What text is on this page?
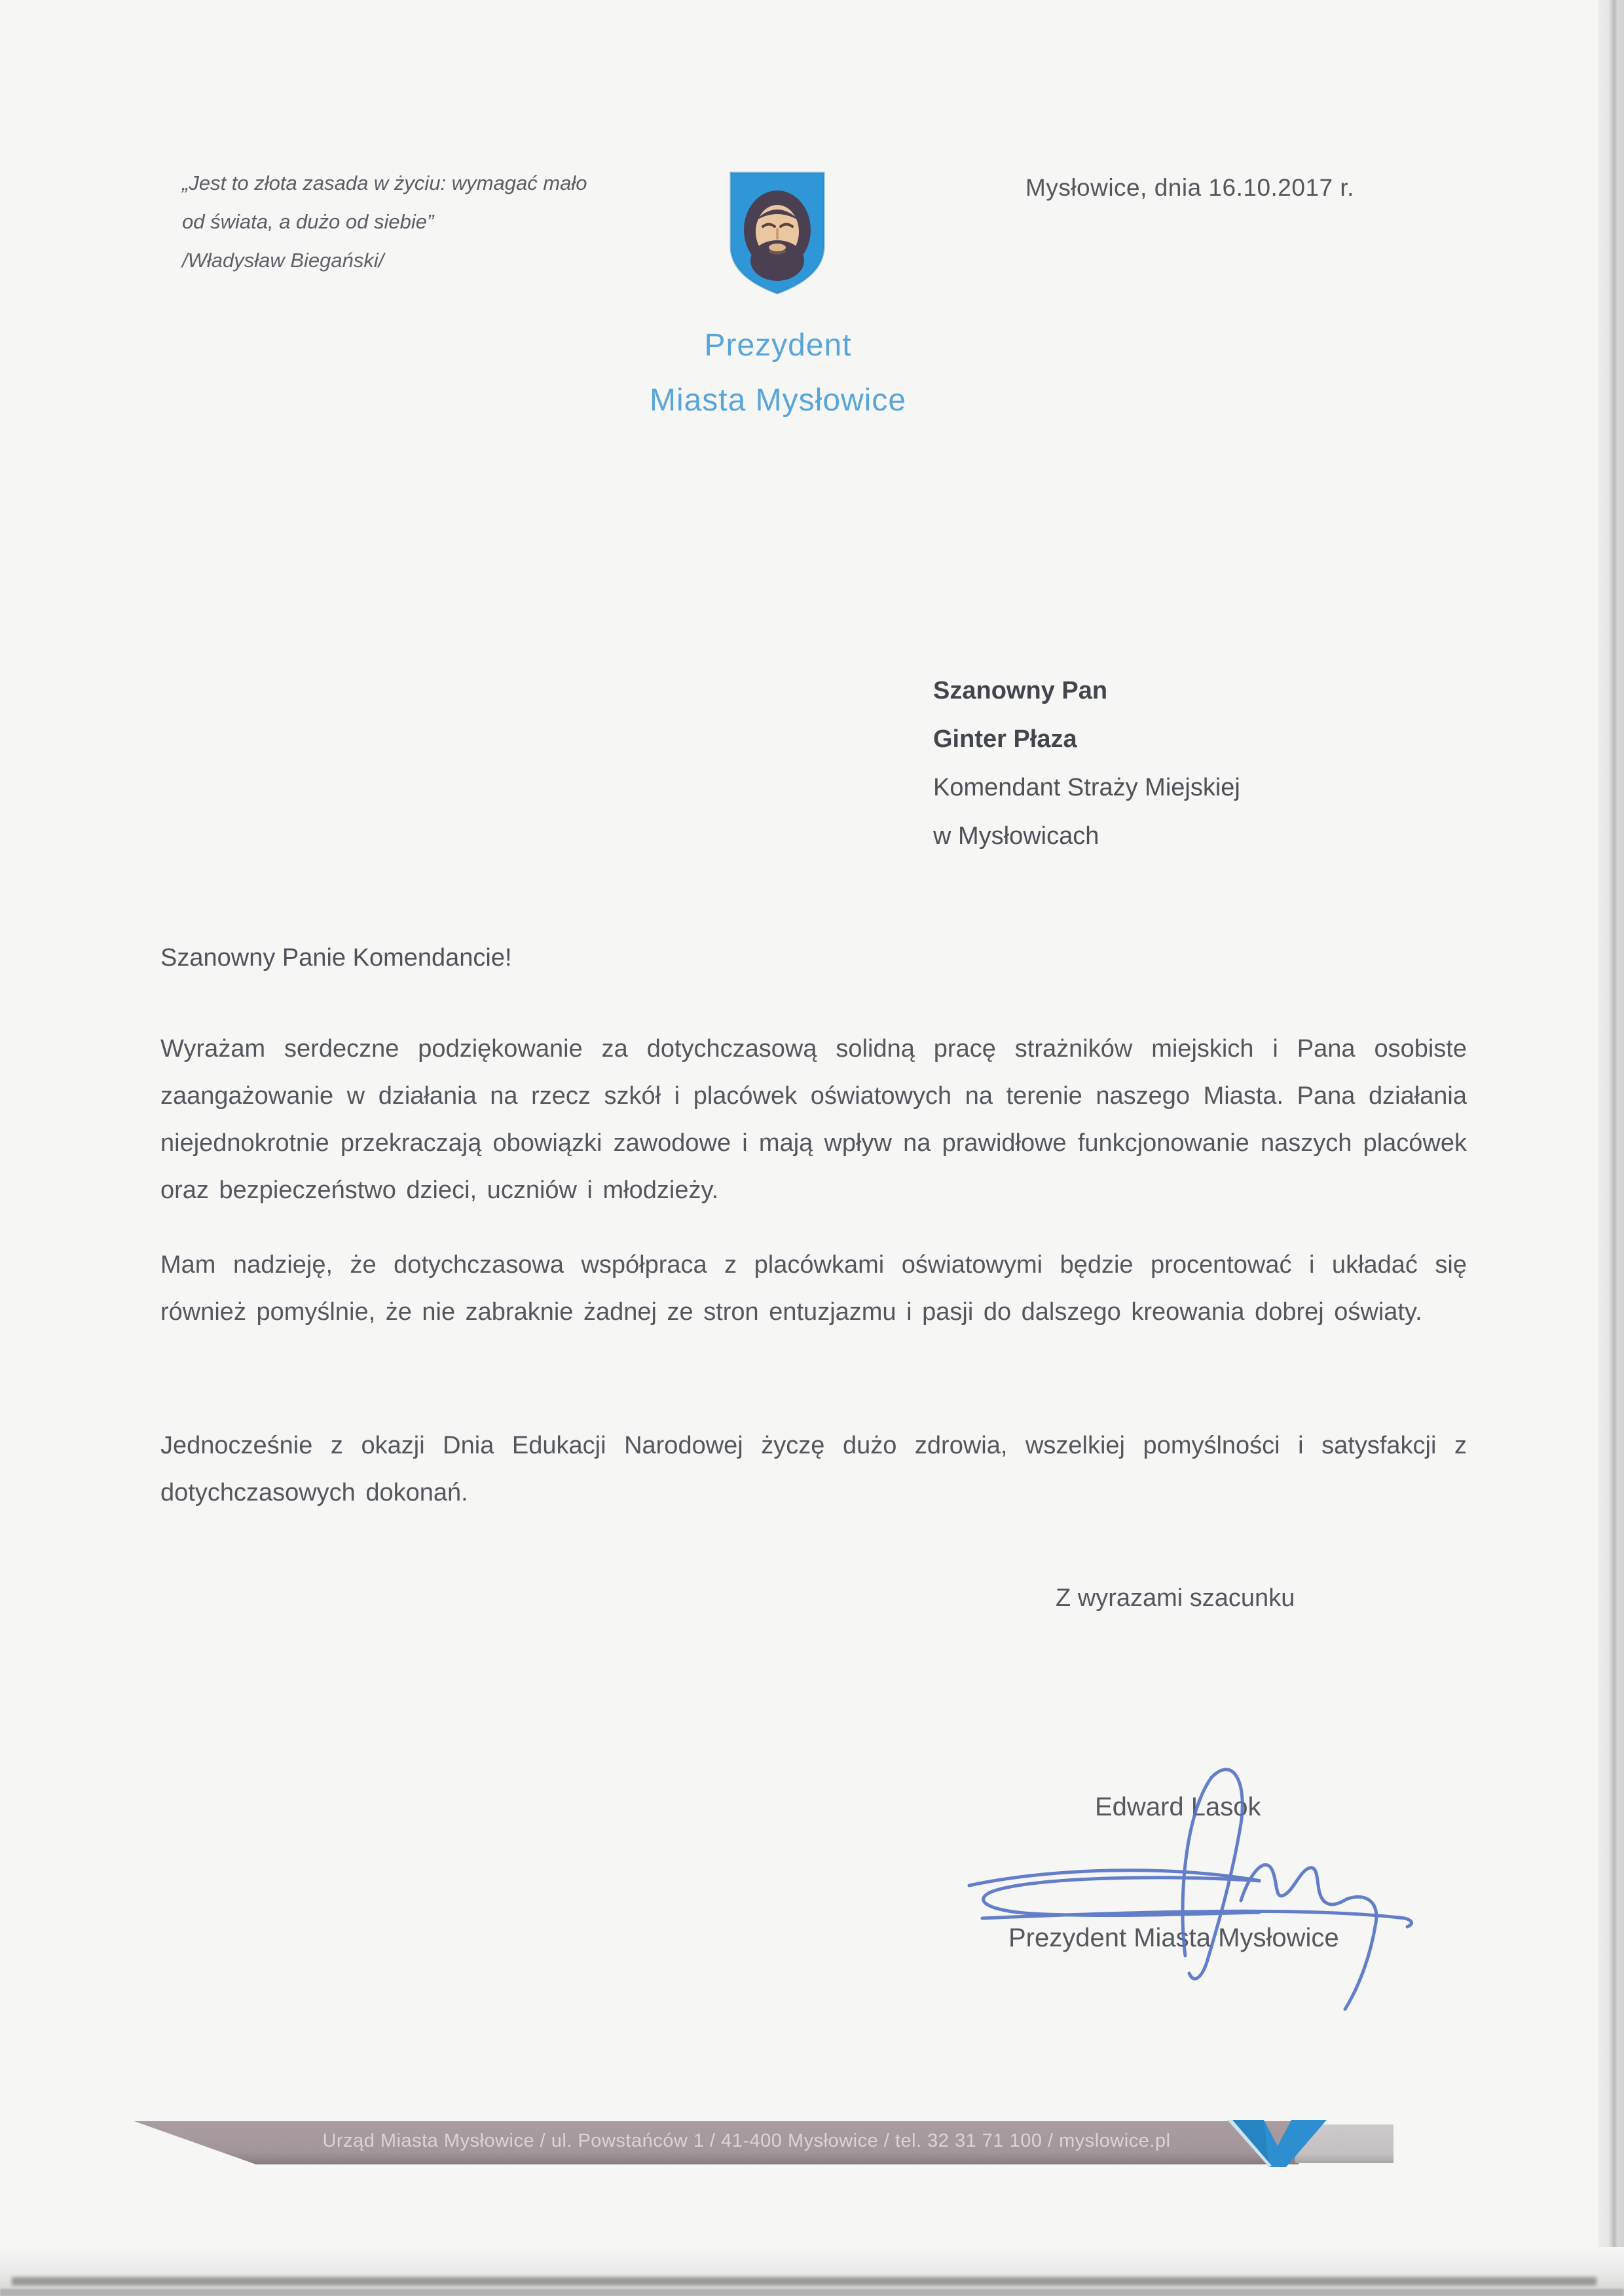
„Jest to złota zasada w życiu: wymagać mało
od świata, a dużo od siebie”
/Władysław Biegański/
Mysłowice, dnia 16.10.2017 r.
Prezydent
Miasta Mysłowice
Szanowny Pan
Ginter Płaza
Komendant Straży Miejskiej
w Mysłowicach
Szanowny Panie Komendancie!
Wyrażam serdeczne podziękowanie za dotychczasową solidną pracę strażników miejskich i Pana osobiste zaangażowanie w działania na rzecz szkół i placówek oświatowych na terenie naszego Miasta. Pana działania niejednokrotnie przekraczają obowiązki zawodowe i mają wpływ na prawidłowe funkcjonowanie naszych placówek oraz bezpieczeństwo dzieci, uczniów i młodzieży.
Mam nadzieję, że dotychczasowa współpraca z placówkami oświatowymi będzie procentować i układać się również pomyślnie, że nie zabraknie żadnej ze stron entuzjazmu i pasji do dalszego kreowania dobrej oświaty.
Jednocześnie z okazji Dnia Edukacji Narodowej życzę dużo zdrowia, wszelkiej pomyślności i satysfakcji z dotychczasowych dokonań.
Z wyrazami szacunku
Edward Lasok
Prezydent Miasta Mysłowice
Urząd Miasta Mysłowice / ul. Powstańców 1 / 41-400 Mysłowice / tel. 32 31 71 100 / myslowice.pl
